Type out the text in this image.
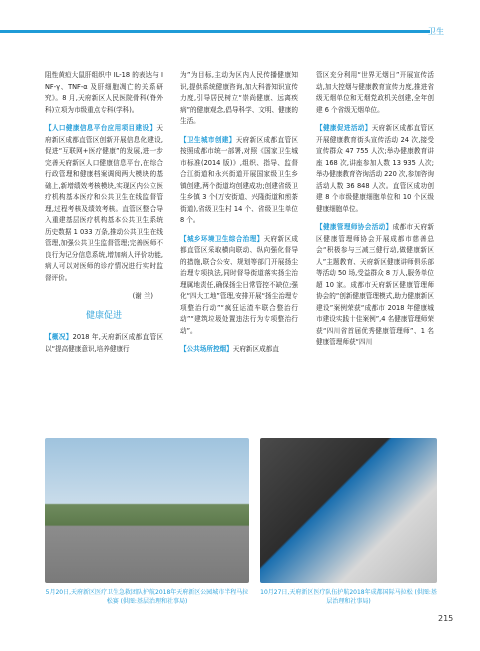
卫生

阻性黄疸大鼠肝组织中 IL-18 的表达与 INF-γ、TNF-α 及肝细胞凋亡的关系研究》。8 月,天府新区人民医院骨科(脊外科)立项为市级重点专科(学科)。

【人口健康信息平台应用项目建设】天府新区成都直管区创新开展信息化建设,促进“互联网+医疗健康”的发展,进一步完善天府新区人口健康信息平台,在综合行政管理和健康档案调阅两大模块的基础上,新增绩效考核模块,实现区内公立医疗机构基本医疗和公共卫生在线监督管理,过程考核及绩效考核。直管区整合导入重建基层医疗机构基本公共卫生系统历史数据 1 033 万条,推动公共卫生在线管理,加强公共卫生监督管理;完善医师不良行为记分信息系统,增加病人评价功能,病人可以对医师的诊疗情况进行实时监督评价。

(谢 兰)
健康促进

【概况】2018 年,天府新区成都直管区以“提高健康意识,培养健康行

为”为目标,主动为区内人民传播健康知识,提供系统健康咨询,加大科普知识宣传力度,引导居民树立“崇尚健康、远离疾病”的健康观念,倡导科学、文明、健康的生活。

【卫生城市创建】天府新区成都直管区按照成都市统一部署,对照《国家卫生城市标准(2014 版)》,组织、指导、监督合江街道和永兴街道开展国家级卫生乡镇创建,两个街道均创建成功;创建省级卫生乡镇 3 个(万安街道、兴隆街道和煎茶街道),省级卫生村 14 个、省级卫生单位 8 个。

【城乡环境卫生综合治理】天府新区成都直管区采取横向联动、纵向强化督导的措施,联合公安、规划等部门开展扬尘治理专项执法,同时督导街道落实扬尘治理属地责任,确保扬尘日常管控不缺位;强化“四大工地”管理,安排开展“扬尘治理专项整治行动”“疯狂运渣车联合整治行动”“建筑垃圾处置违法行为专项整治行动”。

【公共场所控烟】天府新区成都直

管区充分利用“世界无烟日”开展宣传活动,加大控烟与健康教育宣传力度,推进省级无烟单位和无烟党政机关创建,全年创建 6 个省级无烟单位。

【健康促进活动】天府新区成都直管区开展健康教育街头宣传活动 24 次,接受宣传群众 47 755 人次;举办健康教育讲座 168 次,讲座参加人数 13 935 人次;举办健康教育咨询活动 220 次,参加咨询活动人数 36 848 人次。直管区成功创建 8 个市级健康细胞单位和 10 个区级健康细胞单位。

【健康管理师协会活动】成都市天府新区健康管理师协会开展成都市慈善总会“积极参与三减三健行动,做健康新区人”主题教育、天府新区健康讲师俱乐部等活动 50 场,受益群众 8 万人,服务单位超 10 家。成都市天府新区健康管理师协会的“创新健康管理模式,助力健康新区建设”案例荣获“成都市 2018 年健康城市建设实践十佳案例”,4 名健康管理师荣获“四川省首届优秀健康管理师”、1 名健康管理师获“四川

5月20日,天府新区医疗卫生急救团队护航2018年天府新区公园城市半程马拉松赛 (供图:基层治理和社事局)
10月27日,天府新区医疗队伍护航2018年成都国际马拉松 (供图:基层治理和社事局)
215
